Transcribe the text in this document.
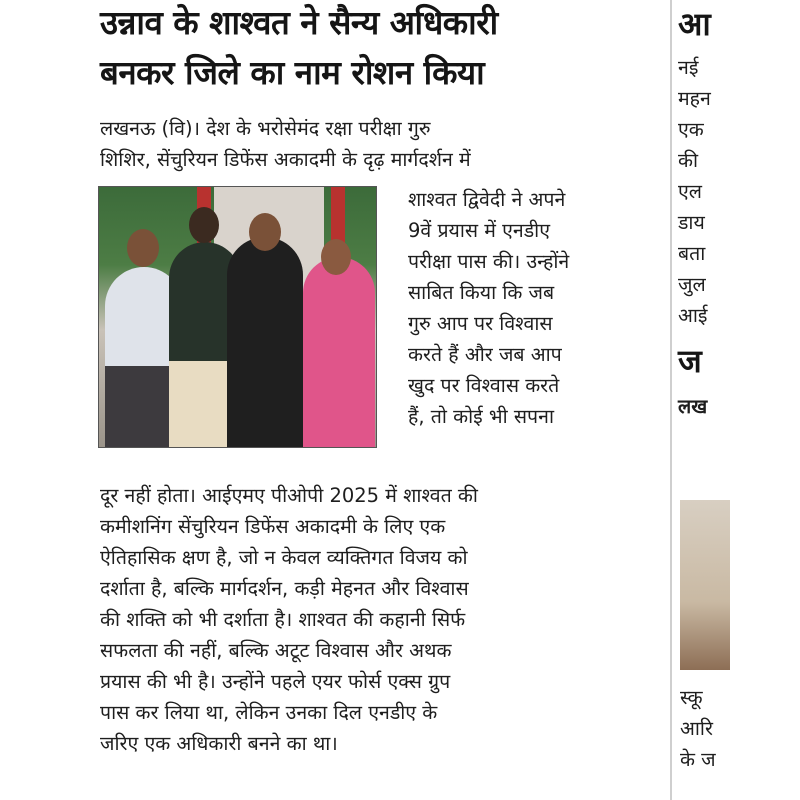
उन्नाव के शाश्वत ने सैन्य अधिकारी
बनकर जिले का नाम रोशन किया
लखनऊ (वि)। देश के भरोसेमंद रक्षा परीक्षा गुरु
शिशिर, सेंचुरियन डिफेंस अकादमी के दृढ़ मार्गदर्शन में
शाश्वत द्विवेदी ने अपने
9वें प्रयास में एनडीए
परीक्षा पास की। उन्होंने
साबित किया कि जब
गुरु आप पर विश्वास
करते हैं और जब आप
खुद पर विश्वास करते
हैं, तो कोई भी सपना
दूर नहीं होता। आईएमए पीओपी 2025 में शाश्वत की
कमीशनिंग सेंचुरियन डिफेंस अकादमी के लिए एक
ऐतिहासिक क्षण है, जो न केवल व्यक्तिगत विजय को
दर्शाता है, बल्कि मार्गदर्शन, कड़ी मेहनत और विश्वास
की शक्ति को भी दर्शाता है। शाश्वत की कहानी सिर्फ
सफलता की नहीं, बल्कि अटूट विश्वास और अथक
प्रयास की भी है। उन्होंने पहले एयर फोर्स एक्स ग्रुप
पास कर लिया था, लेकिन उनका दिल एनडीए के
जरिए एक अधिकारी बनने का था।
आ
नई
महन
एक
की
एल
डाय
बता
जुल
आई
ज
लख
स्कू
आरि
के ज
